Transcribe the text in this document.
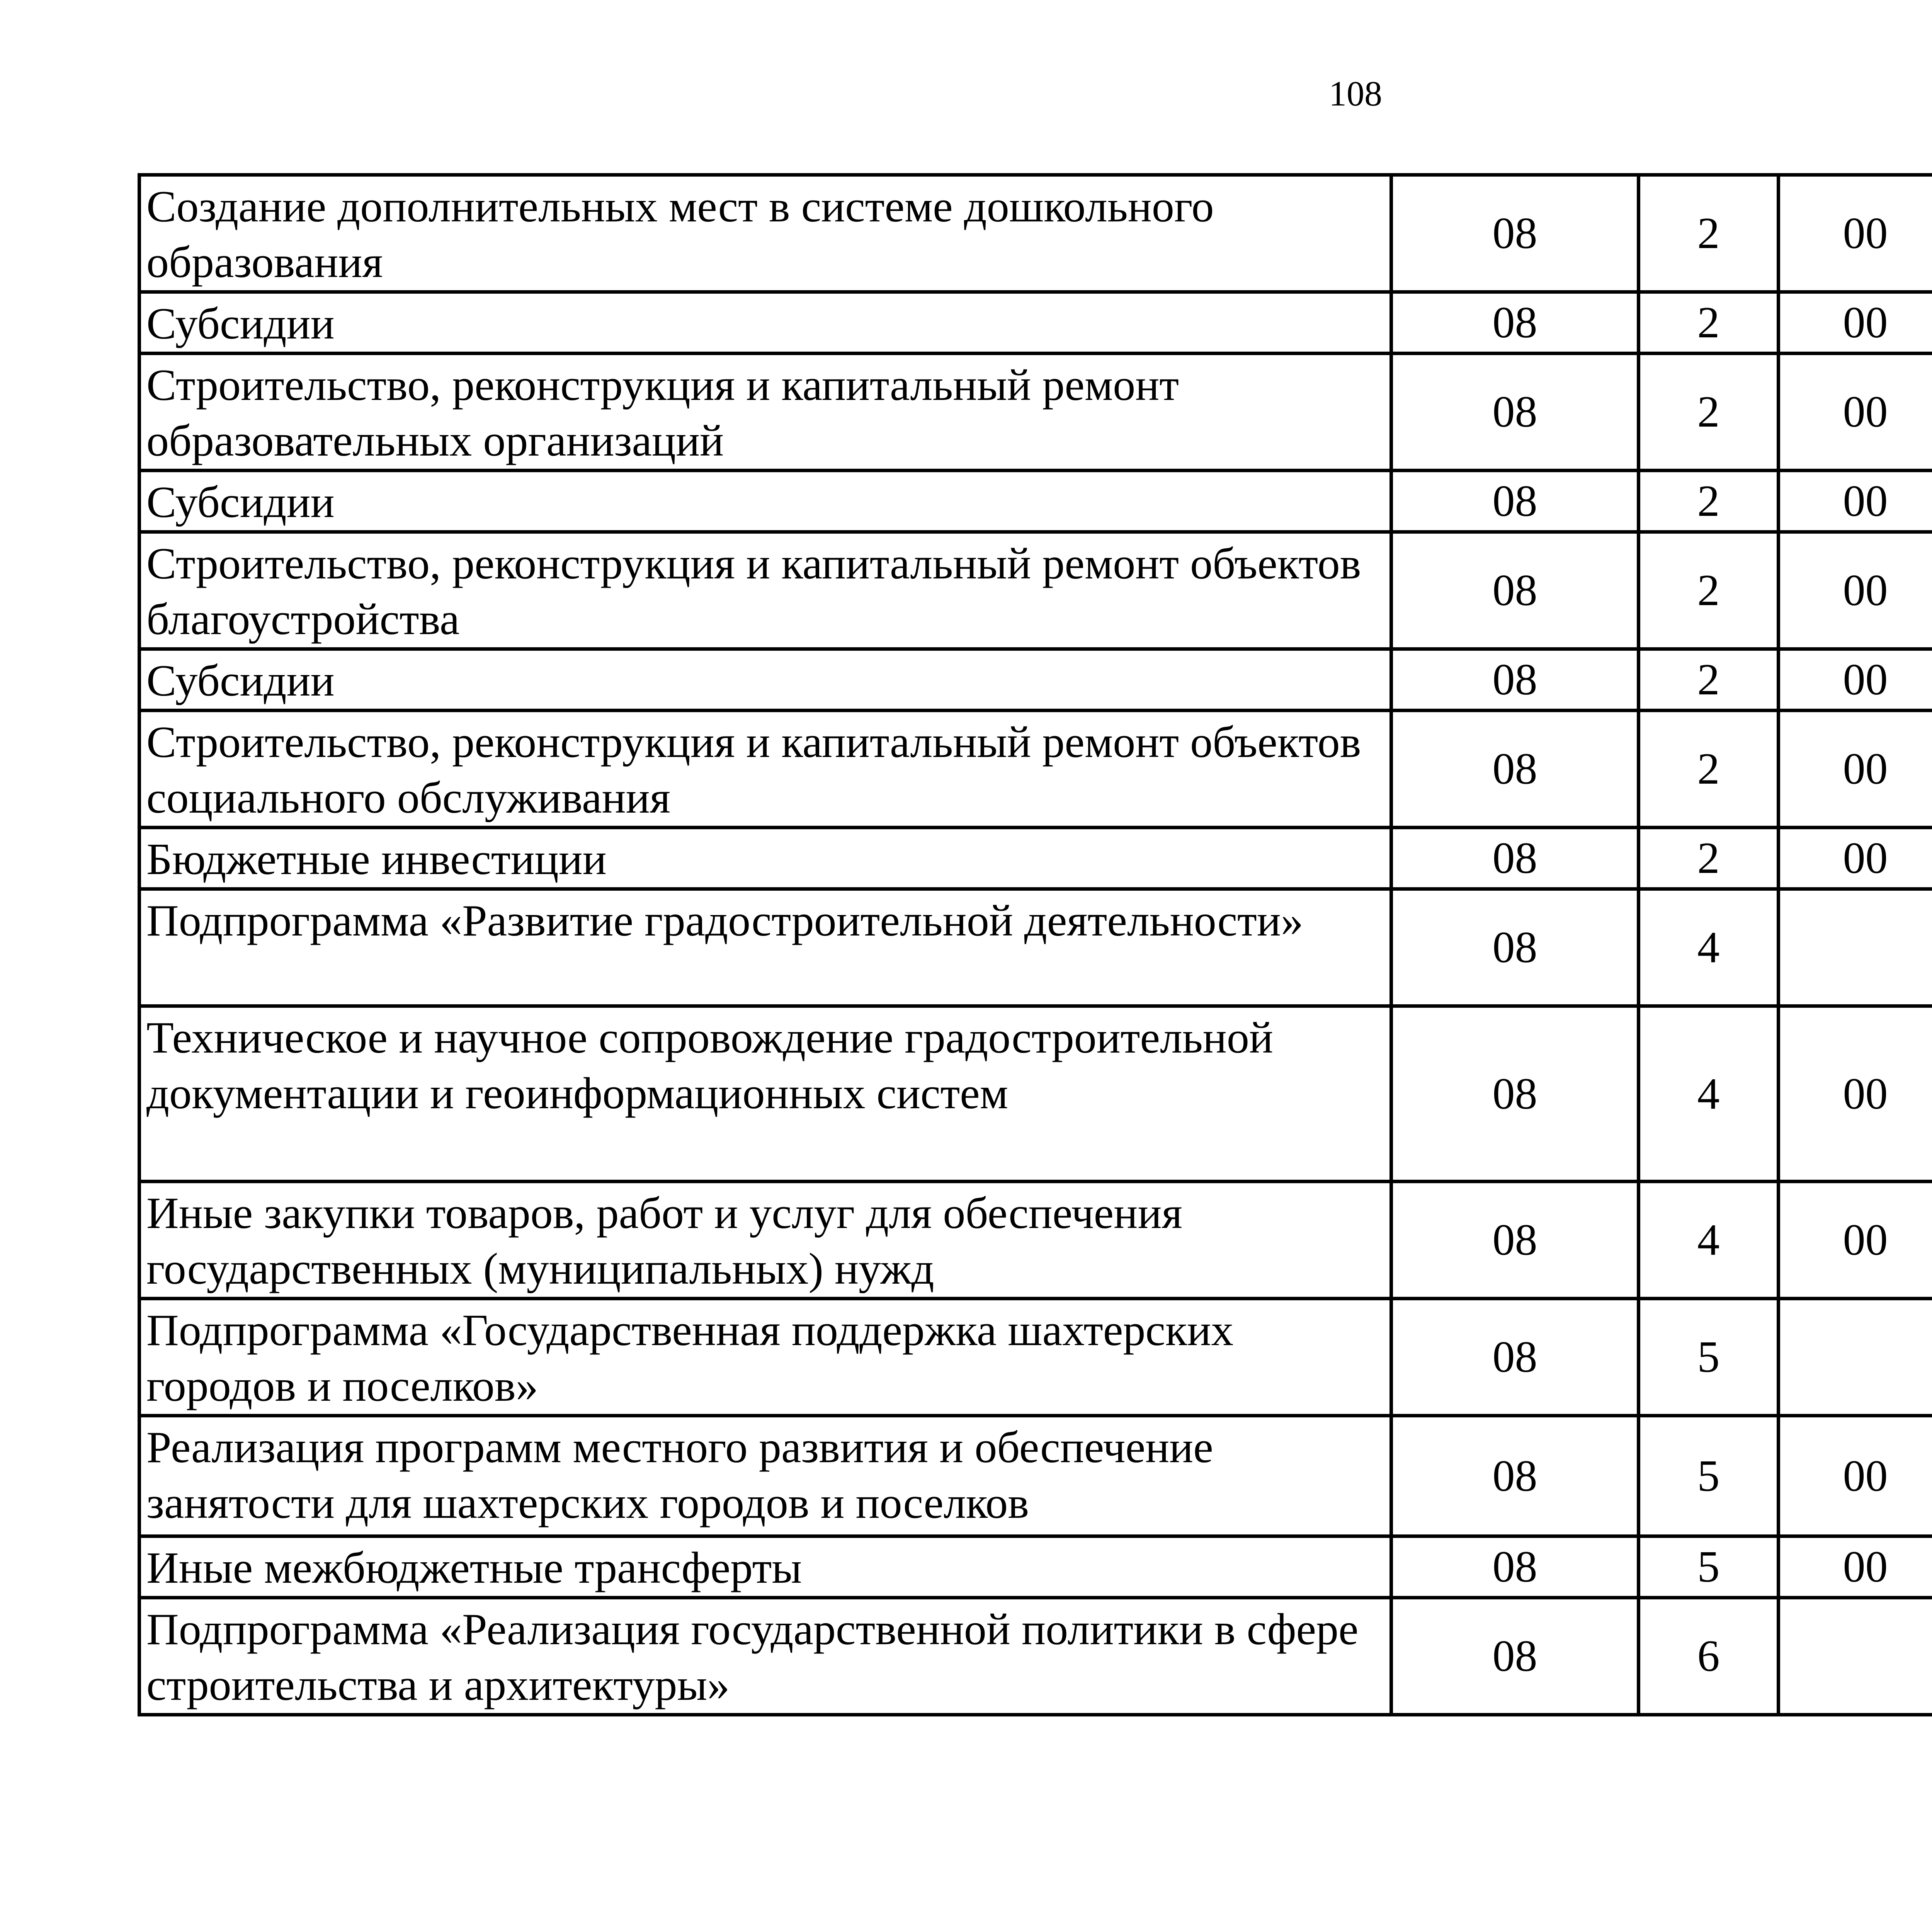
108
Создание дополнительных мест в системе дошкольного образования	08	2	00			
Субсидии	08	2	00			
Строительство, реконструкция и капитальный ремонт образовательных организаций	08	2	00			
Субсидии	08	2	00			
Строительство, реконструкция и капитальный ремонт объектов благоустройства	08	2	00			
Субсидии	08	2	00			
Строительство, реконструкция и капитальный ремонт объектов социального обслуживания	08	2	00			
Бюджетные инвестиции	08	2	00			
Подпрограмма «Развитие градостроительной деятельности»	08	4				
Техническое и научное сопровождение градостроительной документации и геоинформационных систем	08	4	00			
Иные закупки товаров, работ и услуг для обеспечения государственных (муниципальных) нужд	08	4	00			
Подпрограмма «Государственная поддержка шахтерских городов и поселков»	08	5				
Реализация программ местного развития и обеспечение занятости для шахтерских городов и поселков	08	5	00			
Иные межбюджетные трансферты	08	5	00			
Подпрограмма «Реализация государственной политики в сфере строительства и архитектуры»	08	6				
